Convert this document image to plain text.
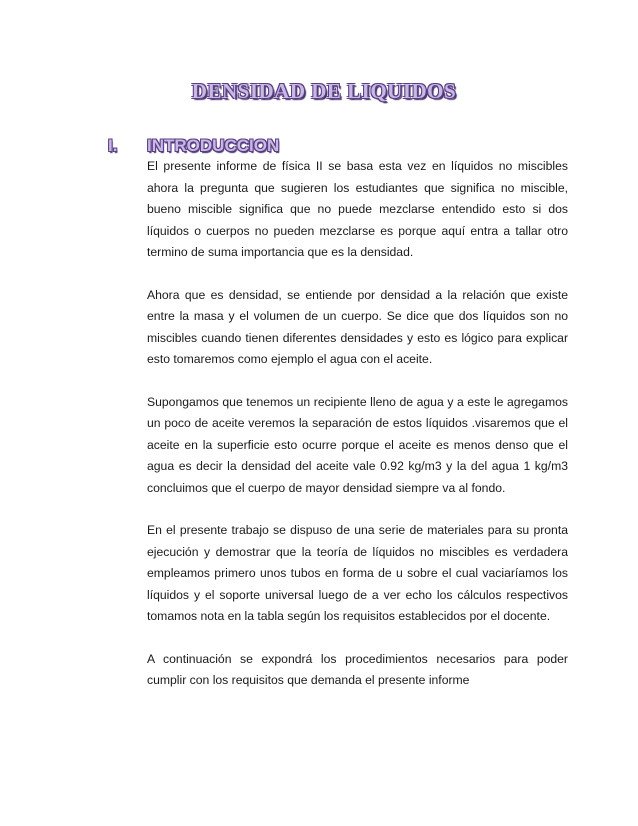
DENSIDAD DE LIQUIDOS
I. INTRODUCCION

El presente informe de física II se basa esta vez en líquidos no miscibles ahora la pregunta que sugieren los estudiantes que significa no miscible, bueno miscible significa que no puede mezclarse entendido esto si dos líquidos o cuerpos no pueden mezclarse es porque aquí entra a tallar otro termino de suma importancia que es la densidad.

Ahora que es densidad, se entiende por densidad a la relación que existe entre la masa y el volumen de un cuerpo. Se dice que dos líquidos son no miscibles cuando tienen diferentes densidades y esto es lógico para explicar esto tomaremos como ejemplo el agua con el aceite.

Supongamos que tenemos un recipiente lleno de agua y a este le agregamos un poco de aceite veremos la separación de estos líquidos .visaremos que el aceite en la superficie esto ocurre porque el aceite es menos denso que el agua es decir la densidad del aceite vale 0.92 kg/m3 y la del agua 1 kg/m3 concluimos que el cuerpo de mayor densidad siempre va al fondo.

En el presente trabajo se dispuso de una serie de materiales para su pronta ejecución y demostrar que la teoría de líquidos no miscibles es verdadera empleamos primero unos tubos en forma de u sobre el cual vaciaríamos los líquidos y el soporte universal luego de a ver echo los cálculos respectivos tomamos nota en la tabla según los requisitos establecidos por el docente.

A continuación se expondrá los procedimientos necesarios para poder cumplir con los requisitos que demanda el presente informe
